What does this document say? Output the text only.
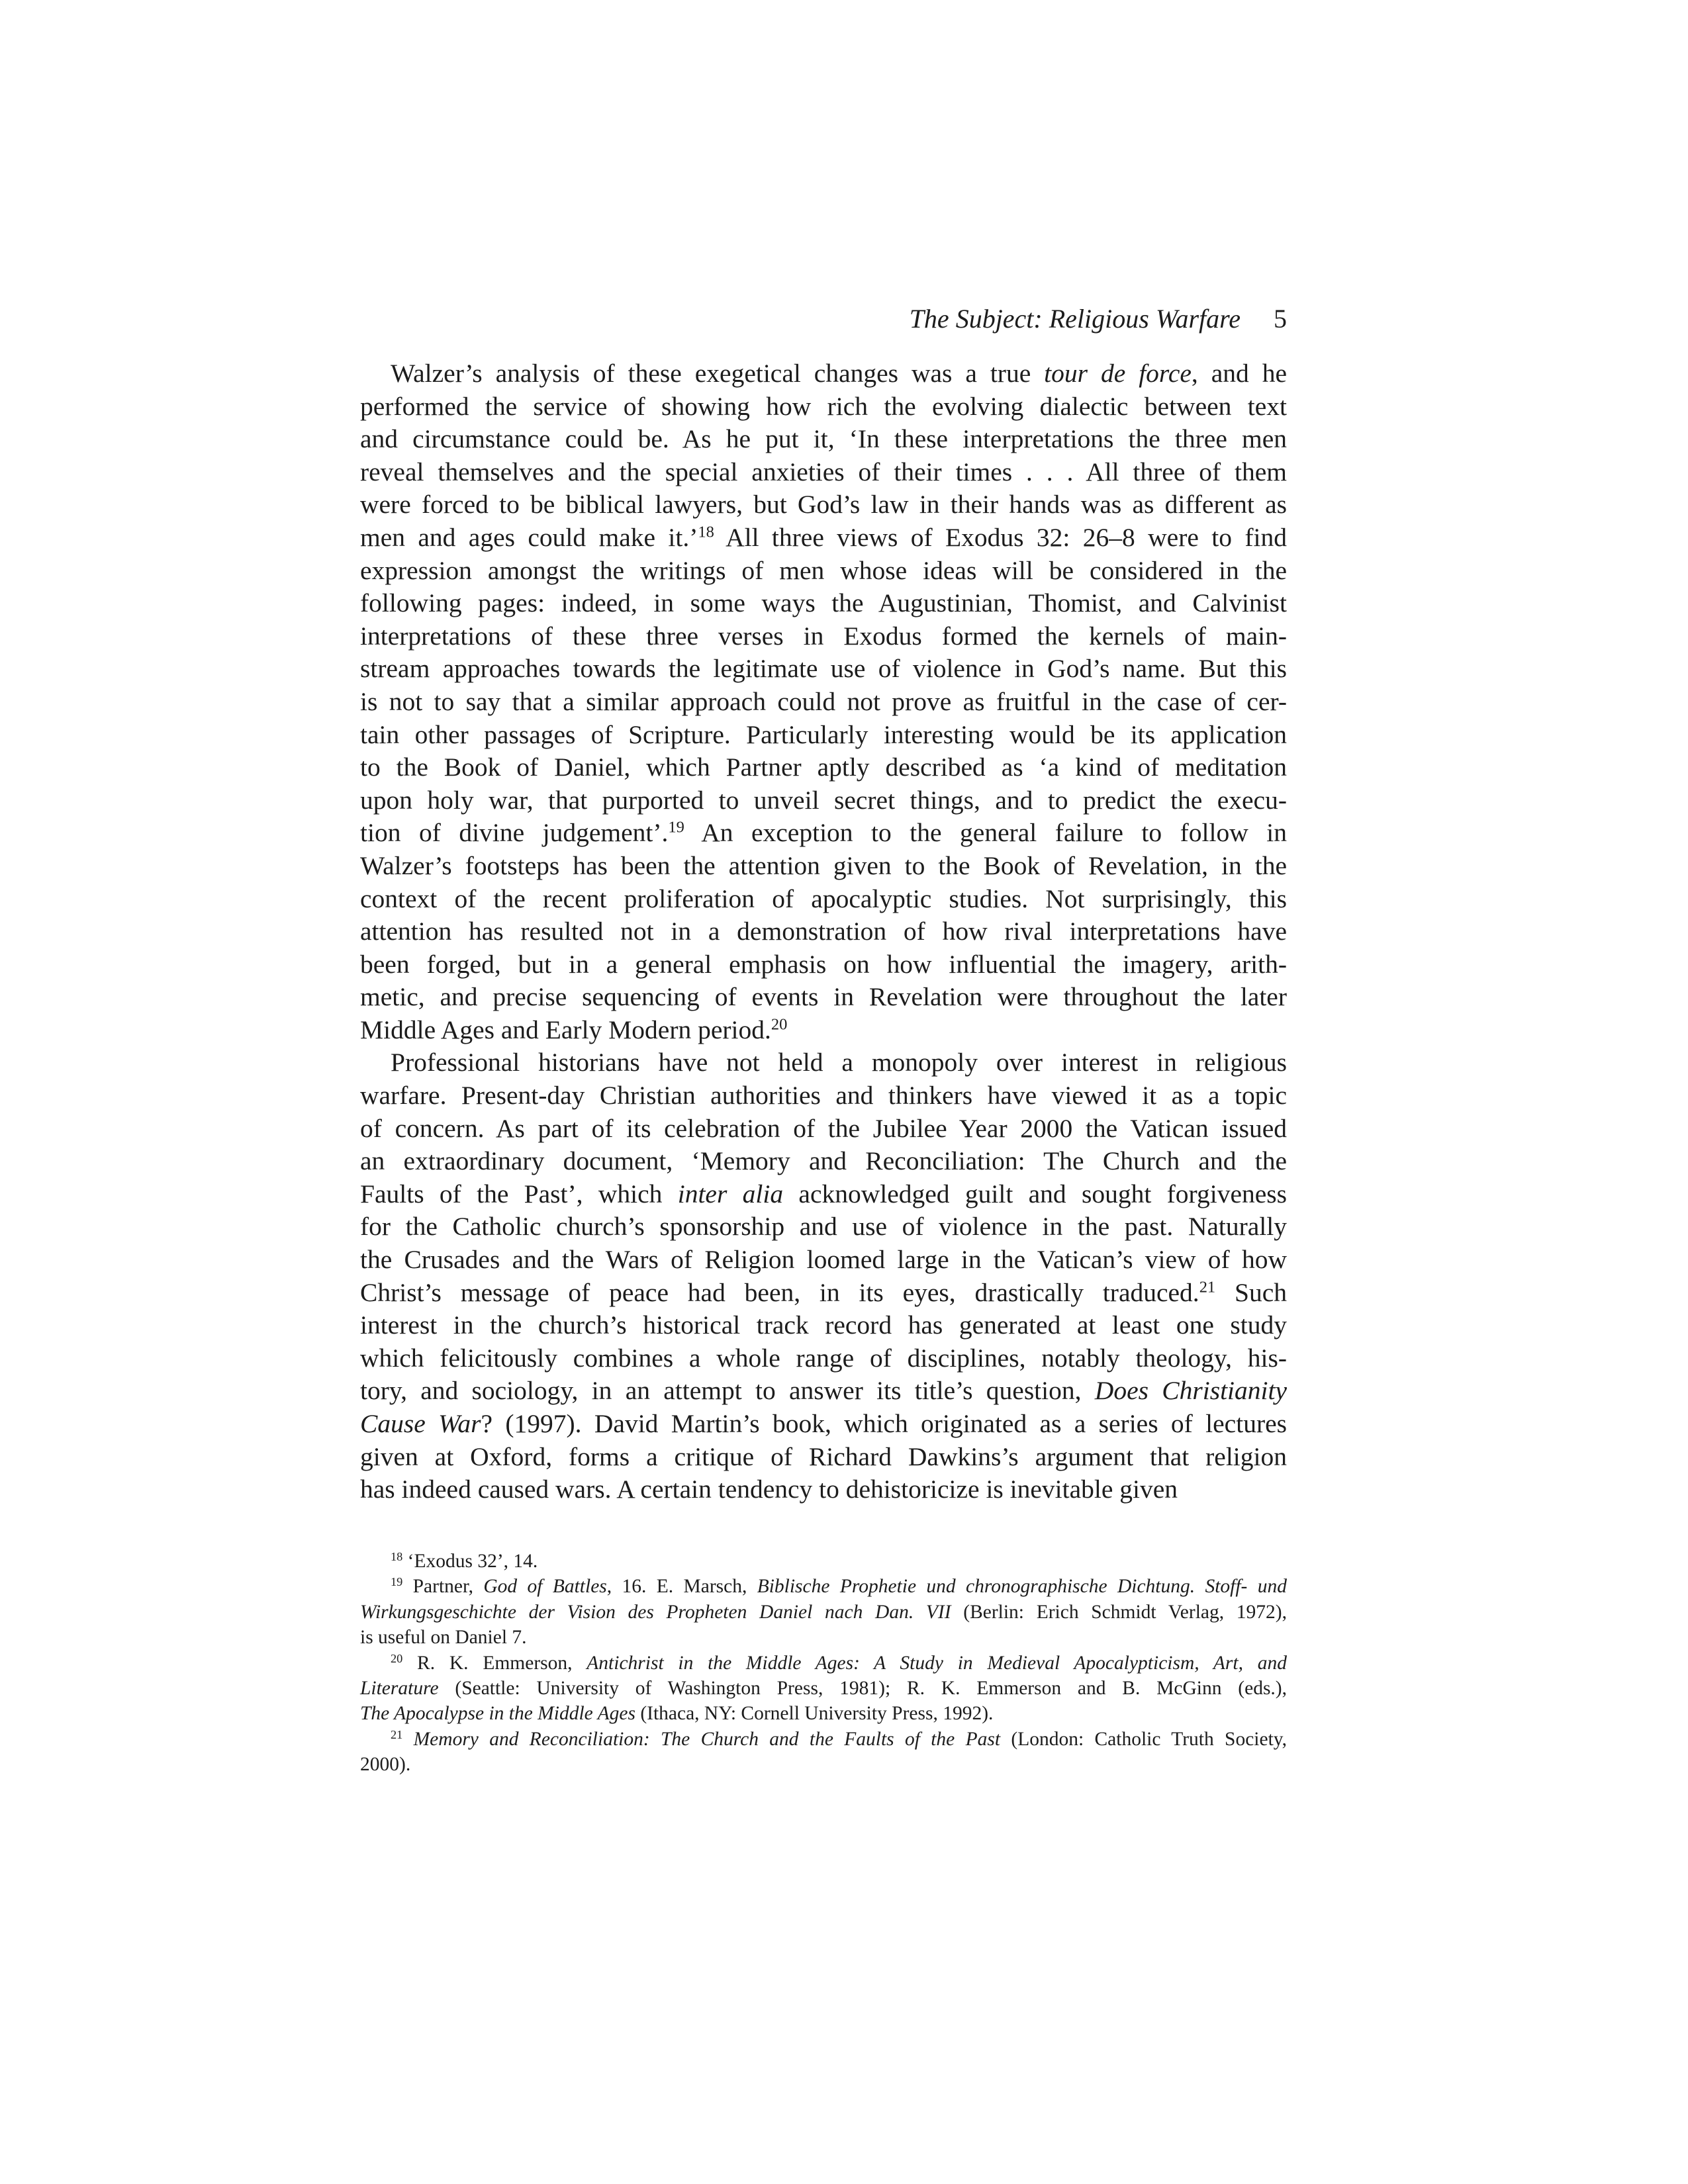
The Subject: Religious Warfare 5
Walzer’s analysis of these exegetical changes was a true tour de force, and he
performed the service of showing how rich the evolving dialectic between text
and circumstance could be. As he put it, ‘In these interpretations the three men
reveal themselves and the special anxieties of their times . . . All three of them
were forced to be biblical lawyers, but God’s law in their hands was as different as
men and ages could make it.’$^{18}$ All three views of Exodus 32: 26–8 were to find
expression amongst the writings of men whose ideas will be considered in the
following pages: indeed, in some ways the Augustinian, Thomist, and Calvinist
interpretations of these three verses in Exodus formed the kernels of main-
stream approaches towards the legitimate use of violence in God’s name. But this
is not to say that a similar approach could not prove as fruitful in the case of cer-
tain other passages of Scripture. Particularly interesting would be its application
to the Book of Daniel, which Partner aptly described as ‘a kind of meditation
upon holy war, that purported to unveil secret things, and to predict the execu-
tion of divine judgement’.$^{19}$ An exception to the general failure to follow in
Walzer’s footsteps has been the attention given to the Book of Revelation, in the
context of the recent proliferation of apocalyptic studies. Not surprisingly, this
attention has resulted not in a demonstration of how rival interpretations have
been forged, but in a general emphasis on how influential the imagery, arith-
metic, and precise sequencing of events in Revelation were throughout the later
Middle Ages and Early Modern period.$^{20}$
Professional historians have not held a monopoly over interest in religious
warfare. Present-day Christian authorities and thinkers have viewed it as a topic
of concern. As part of its celebration of the Jubilee Year 2000 the Vatican issued
an extraordinary document, ‘Memory and Reconciliation: The Church and the
Faults of the Past’, which inter alia acknowledged guilt and sought forgiveness
for the Catholic church’s sponsorship and use of violence in the past. Naturally
the Crusades and the Wars of Religion loomed large in the Vatican’s view of how
Christ’s message of peace had been, in its eyes, drastically traduced.$^{21}$ Such
interest in the church’s historical track record has generated at least one study
which felicitously combines a whole range of disciplines, notably theology, his-
tory, and sociology, in an attempt to answer its title’s question, Does Christianity
Cause War? (1997). David Martin’s book, which originated as a series of lectures
given at Oxford, forms a critique of Richard Dawkins’s argument that religion
has indeed caused wars. A certain tendency to dehistoricize is inevitable given
$^{18}$ ‘Exodus 32’, 14.
$^{19}$ Partner, God of Battles, 16. E. Marsch, Biblische Prophetie und chronographische Dichtung. Stoff- und
Wirkungsgeschichte der Vision des Propheten Daniel nach Dan. VII (Berlin: Erich Schmidt Verlag, 1972),
is useful on Daniel 7.
$^{20}$ R. K. Emmerson, Antichrist in the Middle Ages: A Study in Medieval Apocalypticism, Art, and
Literature (Seattle: University of Washington Press, 1981); R. K. Emmerson and B. McGinn (eds.),
The Apocalypse in the Middle Ages (Ithaca, NY: Cornell University Press, 1992).
$^{21}$ Memory and Reconciliation: The Church and the Faults of the Past (London: Catholic Truth Society,
2000).
